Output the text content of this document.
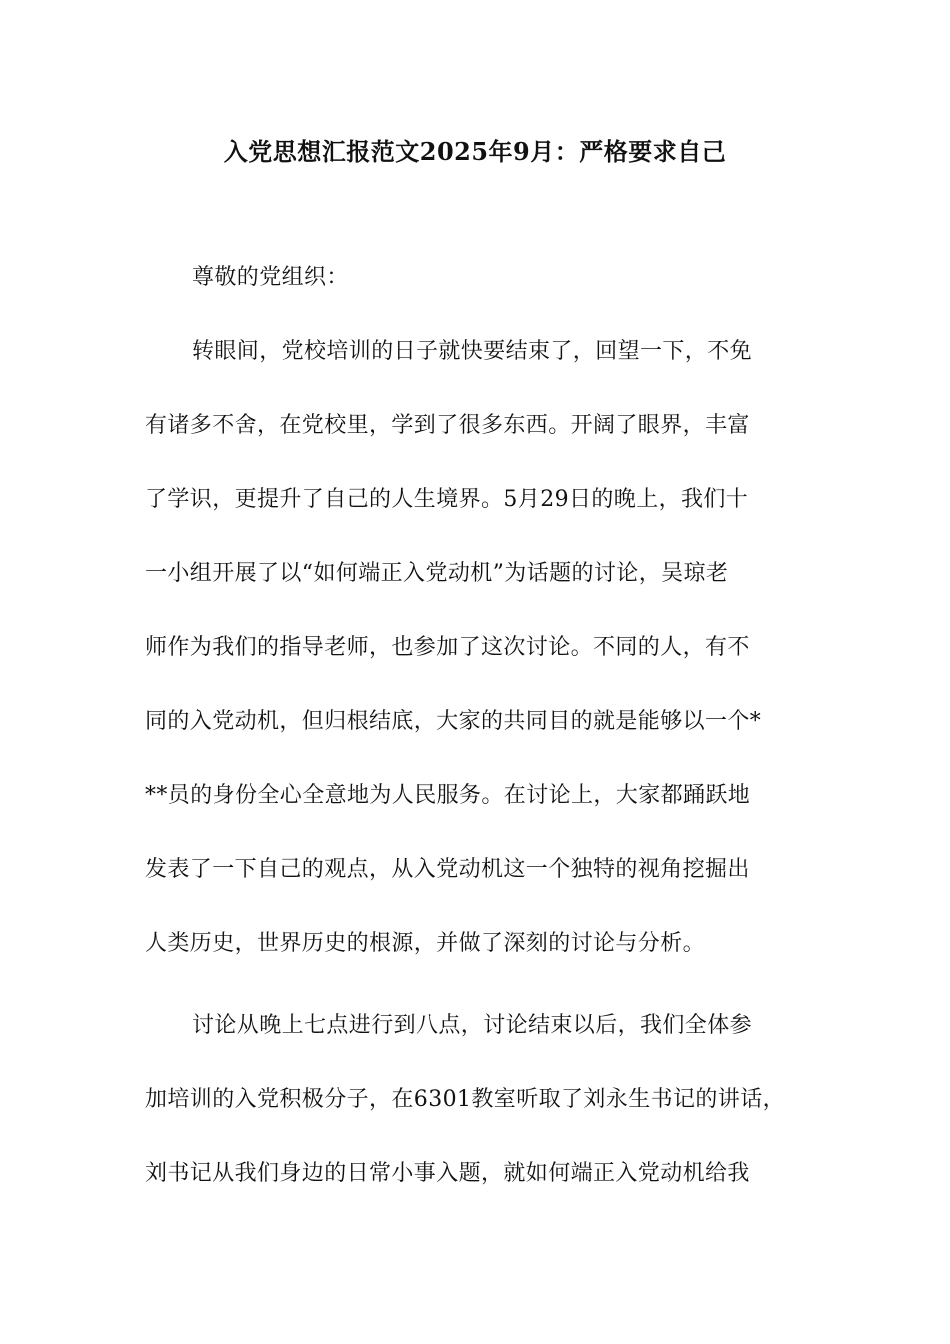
入党思想汇报范文2025年9月：严格要求自己
尊敬的党组织：
转眼间，党校培训的日子就快要结束了，回望一下，不免
有诸多不舍，在党校里，学到了很多东西。开阔了眼界，丰富
了学识，更提升了自己的人生境界。5月29日的晚上，我们十
一小组开展了以“如何端正入党动机”为话题的讨论，吴琼老
师作为我们的指导老师，也参加了这次讨论。不同的人，有不
同的入党动机，但归根结底，大家的共同目的就是能够以一个*
**员的身份全心全意地为人民服务。在讨论上，大家都踊跃地
发表了一下自己的观点，从入党动机这一个独特的视角挖掘出
人类历史，世界历史的根源，并做了深刻的讨论与分析。
讨论从晚上七点进行到八点，讨论结束以后，我们全体参
加培训的入党积极分子，在6301教室听取了刘永生书记的讲话，
刘书记从我们身边的日常小事入题，就如何端正入党动机给我
